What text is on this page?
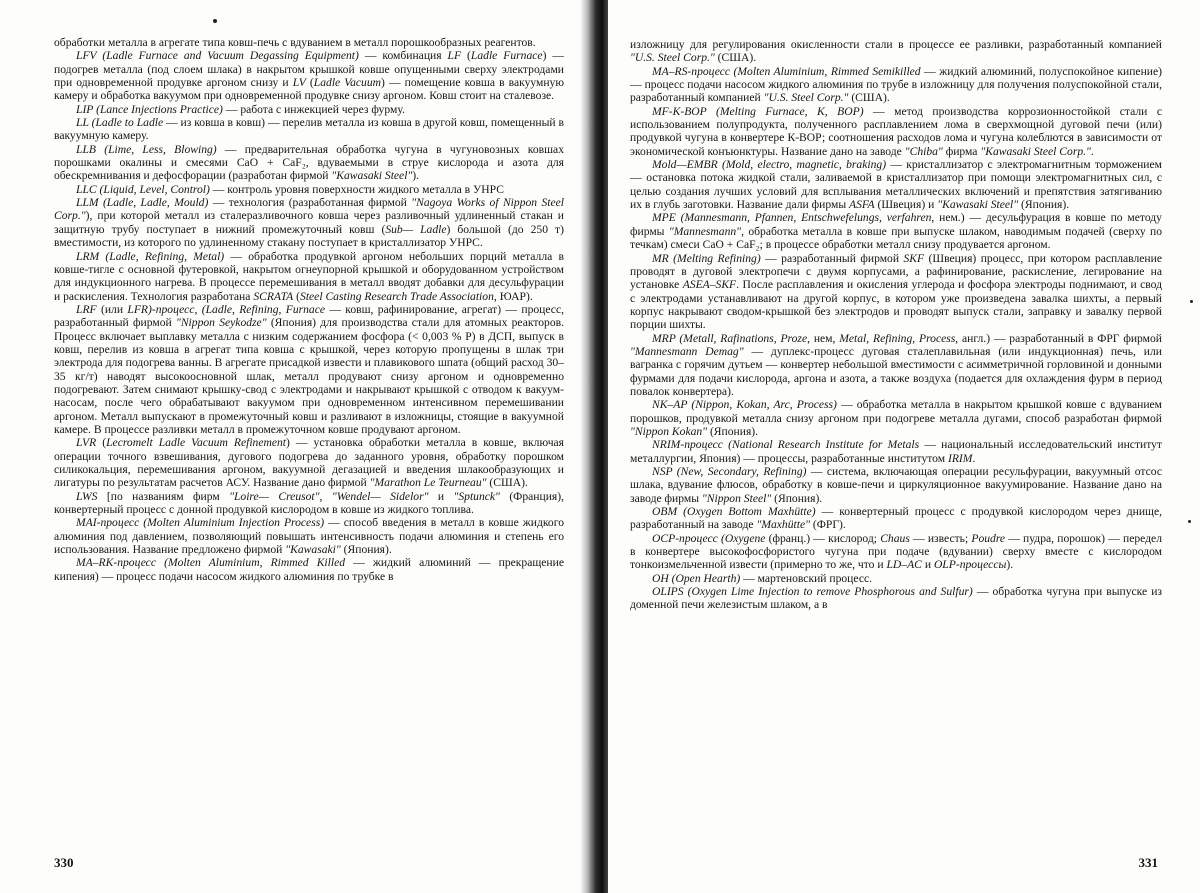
обработки металла в агрегате типа ковш-печь с вдуванием в металл порошкообразных реагентов.

LFV (Ladle Furnace and Vacuum Degassing Equipment) — комбинация LF (Ladle Furnace) — подогрев металла (под слоем шлака) в накрытом крышкой ковше опущенными сверху электродами при одновременной продувке аргоном снизу и LV (Ladle Vacuum) — помещение ковша в вакуумную камеру и обработка вакуумом при одновременной продувке снизу аргоном. Ковш стоит на сталевозе.

LIP (Lance Injections Practice) — работа с инжекцией через фурму.

LL (Ladle to Ladle — из ковша в ковш) — перелив металла из ковша в другой ковш, помещенный в вакуумную камеру.

LLB (Lime, Less, Blowing) — предварительная обработка чугуна в чугуновозных ковшах порошками окалины и смесями CaO + CaF₂, вдуваемыми в струе кислорода и азота для обескремнивания и дефосфорации (разработан фирмой "Kawasaki Steel").

LLC (Liquid, Level, Control) — контроль уровня поверхности жидкого металла в УНРС

LLM (Ladle, Ladle, Mould) — технология (разработанная фирмой "Nagoya Works of Nippon Steel Corp."), при которой металл из сталеразливочного ковша через разливочный удлиненный стакан и защитную трубу поступает в нижний промежуточный ковш (Sub— Ladle) большой (до 250 т) вместимости, из которого по удлиненному стакану поступает в кристаллизатор УНРС.

LRM (Ladle, Refining, Metal) — обработка продувкой аргоном небольших порций металла в ковше-тигле с основной футеровкой, накрытом огнеупорной крышкой и оборудованном устройством для индукционного нагрева. В процессе перемешивания в металл вводят добавки для десульфурации и раскисления. Технология разработана SCRATA (Steel Casting Research Trade Association, ЮАР).

LRF (или LFR)-процесс, (Ladle, Refining, Furnace — ковш, рафинирование, агрегат) — процесс, разработанный фирмой "Nippon Seykodze" (Япония) для производства стали для атомных реакторов. Процесс включает выплавку металла с низким содержанием фосфора (< 0,003 % Р) в ДСП, выпуск в ковш, перелив из ковша в агрегат типа ковша с крышкой, через которую пропущены в шлак три электрода для подогрева ванны. В агрегате присадкой извести и плавикового шпата (общий расход 30–35 кг/т) наводят высокоосновной шлак, металл продувают снизу аргоном и одновременно подогревают. Затем снимают крышку-свод с электродами и накрывают крышкой с отводом к вакуум-насосам, после чего обрабатывают вакуумом при одновременном интенсивном перемешивании аргоном. Металл выпускают в промежуточный ковш и разливают в изложницы, стоящие в вакуумной камере. В процессе разливки металл в промежуточном ковше продувают аргоном.

LVR (Lecromelt Ladle Vacuum Refinement) — установка обработки металла в ковше, включая операции точного взвешивания, дугового подогрева до заданного уровня, обработку порошком силикокальция, перемешивания аргоном, вакуумной дегазацией и введения шлакообразующих и лигатуры по результатам расчетов АСУ. Название дано фирмой "Marathon Le Teurneau" (США).

LWS [по названиям фирм "Loire— Creusot", "Wendel— Sidelor" и "Sptunck" (Франция), конвертерный процесс с донной продувкой кислородом в ковше из жидкого топлива.

MAI-процесс (Molten Aluminium Injection Process) — способ введения в металл в ковше жидкого алюминия под давлением, позволяющий повышать интенсивность подачи алюминия и степень его использования. Название предложено фирмой "Kawasaki" (Япония).

MA–RK-процесс (Molten Aluminium, Rimmed Killed — жидкий алюминий — прекращение кипения) — процесс подачи насосом жидкого алюминия по трубке в

330

изложницу для регулирования окисленности стали в процессе ее разливки, разработанный компанией "U.S. Steel Corp." (США).

MA–RS-процесс (Molten Aluminium, Rimmed Semikilled — жидкий алюминий, полуспокойное кипение) — процесс подачи насосом жидкого алюминия по трубе в изложницу для получения полуспокойной стали, разработанный компанией "U.S. Steel Corp." (США).

MF-K-BOP (Melting Furnace, K, BOP) — метод производства коррозионностойкой стали с использованием полупродукта, полученного расплавлением лома в сверхмощной дуговой печи (или) продувкой чугуна в конвертере К-ВОР; соотношения расходов лома и чугуна колеблются в зависимости от экономической конъюнктуры. Название дано на заводе "Chiba" фирма "Kawasaki Steel Corp.".

Mold—EMBR (Mold, electro, magnetic, braking) — кристаллизатор с электромагнитным торможением — остановка потока жидкой стали, заливаемой в кристаллизатор при помощи электромагнитных сил, с целью создания лучших условий для всплывания металлических включений и препятствия затягиванию их в глубь заготовки. Название дали фирмы ASFA (Швеция) и "Kawasaki Steel" (Япония).

MPE (Mannesmann, Pfannen, Entschwefelungs, verfahren, нем.) — десульфурация в ковше по методу фирмы "Mannesmann", обработка металла в ковше при выпуске шлаком, наводимым подачей (сверху по течкам) смеси CaO + CaF₂; в процессе обработки металл снизу продувается аргоном.

MR (Melting Refining) — разработанный фирмой SKF (Швеция) процесс, при котором расплавление проводят в дуговой электропечи с двумя корпусами, а рафинирование, раскисление, легирование на установке ASEA–SKF. После расплавления и окисления углерода и фосфора электроды поднимают, и свод с электродами устанавливают на другой корпус, в котором уже произведена завалка шихты, а первый корпус накрывают сводом-крышкой без электродов и проводят выпуск стали, заправку и завалку первой порции шихты.

MRP (Metall, Rafinations, Proze, нем, Metal, Refining, Process, англ.) — разработанный в ФРГ фирмой "Mannesmann Demag" — дуплекс-процесс дуговая сталеплавильная (или индукционная) печь, или вагранка с горячим дутьем — конвертер небольшой вместимости с асимметричной горловиной и донными фурмами для подачи кислорода, аргона и азота, а также воздуха (подается для охлаждения фурм в период повалок конвертера).

NK–AP (Nippon, Kokan, Arc, Process) — обработка металла в накрытом крышкой ковше с вдуванием порошков, продувкой металла снизу аргоном при подогреве металла дугами, способ разработан фирмой "Nippon Kokan" (Япония).

NRIM-процесс (National Research Institute for Metals — национальный исследовательский институт металлургии, Япония) — процессы, разработанные институтом IRIM.

NSP (New, Secondary, Refining) — система, включающая операции ресульфурации, вакуумный отсос шлака, вдувание флюсов, обработку в ковше-печи и циркуляционное вакуумирование. Название дано на заводе фирмы "Nippon Steel" (Япония).

OBM (Oxygen Bottom Maxhütte) — конвертерный процесс с продувкой кислородом через днище, разработанный на заводе "Maxhütte" (ФРГ).

OCP-процесс (Oxygene (франц.) — кислород; Chaus — известь; Poudre — пудра, порошок) — передел в конвертере высокофосфористого чугуна при подаче (вдувании) сверху вместе с кислородом тонкоизмельченной извести (примерно то же, что и LD–AC и OLP-процессы).

OH (Open Hearth) — мартеновский процесс.

OLIPS (Oxygen Lime Injection to remove Phosphorous and Sulfur) — обработка чугуна при выпуске из доменной печи железистым шлаком, а в

331
